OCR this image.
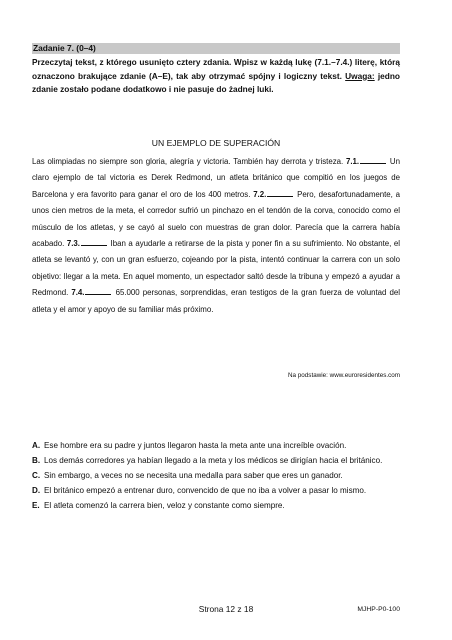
Zadanie 7. (0–4)
Przeczytaj tekst, z którego usunięto cztery zdania. Wpisz w każdą lukę (7.1.–7.4.) literę, którą oznaczono brakujące zdanie (A–E), tak aby otrzymać spójny i logiczny tekst. Uwaga: jedno zdanie zostało podane dodatkowo i nie pasuje do żadnej luki.
UN EJEMPLO DE SUPERACIÓN
Las olimpiadas no siempre son gloria, alegría y victoria. También hay derrota y tristeza. 7.1.	Un claro ejemplo de tal victoria es Derek Redmond, un atleta británico que compitió en los juegos de Barcelona y era favorito para ganar el oro de los 400 metros. 7.2.	Pero, desafortunadamente, a unos cien metros de la meta, el corredor sufrió un pinchazo en el tendón de la corva, conocido como el músculo de los atletas, y se cayó al suelo con muestras de gran dolor. Parecía que la carrera había acabado. 7.3.	Iban a ayudarle a retirarse de la pista y poner fin a su sufrimiento. No obstante, el atleta se levantó y, con un gran esfuerzo, cojeando por la pista, intentó continuar la carrera con un solo objetivo: llegar a la meta. En aquel momento, un espectador saltó desde la tribuna y empezó a ayudar a Redmond. 7.4.	65.000 personas, sorprendidas, eran testigos de la gran fuerza de voluntad del atleta y el amor y apoyo de su familiar más próximo.
Na podstawie: www.euroresidentes.com
A. Ese hombre era su padre y juntos llegaron hasta la meta ante una increíble ovación.
B. Los demás corredores ya habían llegado a la meta y los médicos se dirigían hacia el británico.
C. Sin embargo, a veces no se necesita una medalla para saber que eres un ganador.
D. El británico empezó a entrenar duro, convencido de que no iba a volver a pasar lo mismo.
E. El atleta comenzó la carrera bien, veloz y constante como siempre.
Strona 12 z 18	MJHP-P0-100
